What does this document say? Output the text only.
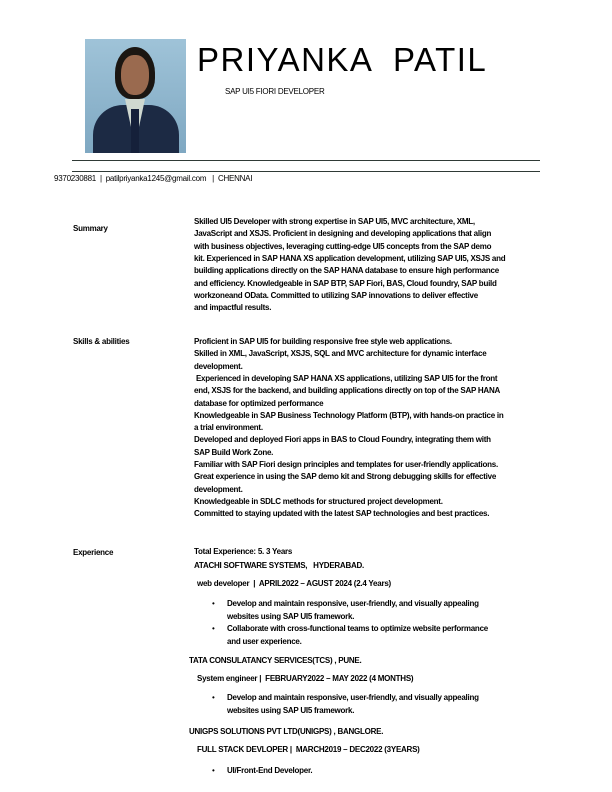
PRIYANKA  PATIL
SAP UI5 FIORI DEVELOPER
9370230881  |  patilpriyanka1245@gmail.com   |  CHENNAI
Summary
Skilled UI5 Developer with strong expertise in SAP UI5, MVC architecture, XML,
JavaScript and XSJS. Proficient in designing and developing applications that align
with business objectives, leveraging cutting-edge UI5 concepts from the SAP demo
kit. Experienced in SAP HANA XS application development, utilizing SAP UI5, XSJS and
building applications directly on the SAP HANA database to ensure high performance
and efficiency. Knowledgeable in SAP BTP, SAP Fiori, BAS, Cloud foundry, SAP build
workzoneand OData. Committed to utilizing SAP innovations to deliver effective
and impactful results.
Skills & abilities	Proficient in SAP UI5 for building responsive free style web applications.
Skilled in XML, JavaScript, XSJS, SQL and MVC architecture for dynamic interface
development.
Experienced in developing SAP HANA XS applications, utilizing SAP UI5 for the front
end, XSJS for the backend, and building applications directly on top of the SAP HANA
database for optimized performance
Knowledgeable in SAP Business Technology Platform (BTP), with hands-on practice in
a trial environment.
Developed and deployed Fiori apps in BAS to Cloud Foundry, integrating them with
SAP Build Work Zone.
Familiar with SAP Fiori design principles and templates for user-friendly applications.
Great experience in using the SAP demo kit and Strong debugging skills for effective
development.
Knowledgeable in SDLC methods for structured project development.
Committed to staying updated with the latest SAP technologies and best practices.
Experience	Total Experience: 5. 3 Years
ATACHI SOFTWARE SYSTEMS,   HYDERABAD.
web developer  |  APRIL2022 – AGUST 2024 (2.4 Years)
• Develop and maintain responsive, user-friendly, and visually appealing
websites using SAP UI5 framework.
• Collaborate with cross-functional teams to optimize website performance
and user experience.
TATA CONSULATANCY SERVICES(TCS) , PUNE.
System engineer |  FEBRUARY2022 – MAY 2022 (4 MONTHS)
• Develop and maintain responsive, user-friendly, and visually appealing
websites using SAP UI5 framework.
UNIGPS SOLUTIONS PVT LTD(UNIGPS) , BANGLORE.
FULL STACK DEVLOPER |  MARCH2019 – DEC2022 (3YEARS)
• UI/Front-End Developer.
